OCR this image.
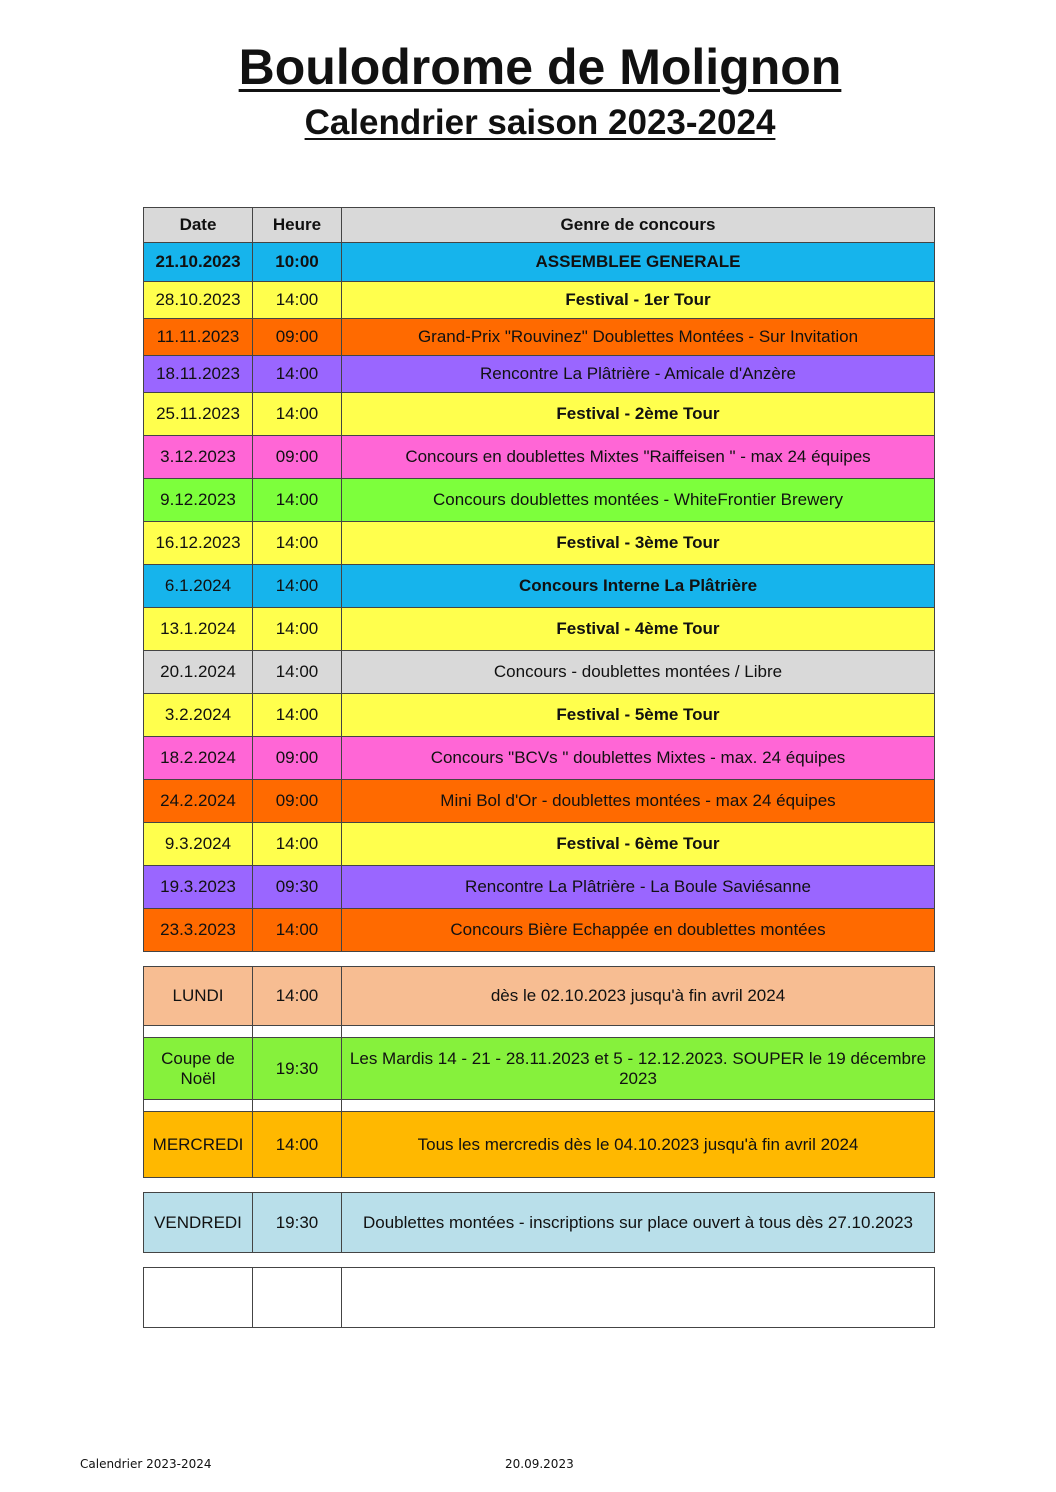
Boulodrome de Molignon
Calendrier saison 2023-2024
Date	Heure	Genre de concours
21.10.2023	10:00	ASSEMBLEE GENERALE
28.10.2023	14:00	Festival - 1er Tour
11.11.2023	09:00	Grand-Prix "Rouvinez" Doublettes Montées - Sur Invitation
18.11.2023	14:00	Rencontre La Plâtrière - Amicale d'Anzère
25.11.2023	14:00	Festival - 2ème Tour
3.12.2023	09:00	Concours en doublettes Mixtes "Raiffeisen " - max 24 équipes
9.12.2023	14:00	Concours doublettes montées - WhiteFrontier Brewery
16.12.2023	14:00	Festival - 3ème Tour
6.1.2024	14:00	Concours Interne La Plâtrière
13.1.2024	14:00	Festival - 4ème Tour
20.1.2024	14:00	Concours - doublettes montées / Libre
3.2.2024	14:00	Festival - 5ème Tour
18.2.2024	09:00	Concours "BCVs " doublettes Mixtes - max. 24 équipes
24.2.2024	09:00	Mini Bol d'Or - doublettes montées - max 24 équipes
9.3.2024	14:00	Festival - 6ème Tour
19.3.2023	09:30	Rencontre La Plâtrière - La Boule Saviésanne
23.3.2023	14:00	Concours Bière Echappée en doublettes montées

LUNDI	14:00	dès le 02.10.2023 jusqu'à fin avril 2024

Coupe de Noël	19:30	Les Mardis 14 - 21 - 28.11.2023 et 5 - 12.12.2023. SOUPER le 19 décembre 2023

MERCREDI	14:00	Tous les mercredis dès le 04.10.2023 jusqu'à fin avril 2024

VENDREDI	19:30	Doublettes montées - inscriptions sur place ouvert à tous dès 27.10.2023

Calendrier 2023-2024	20.09.2023
